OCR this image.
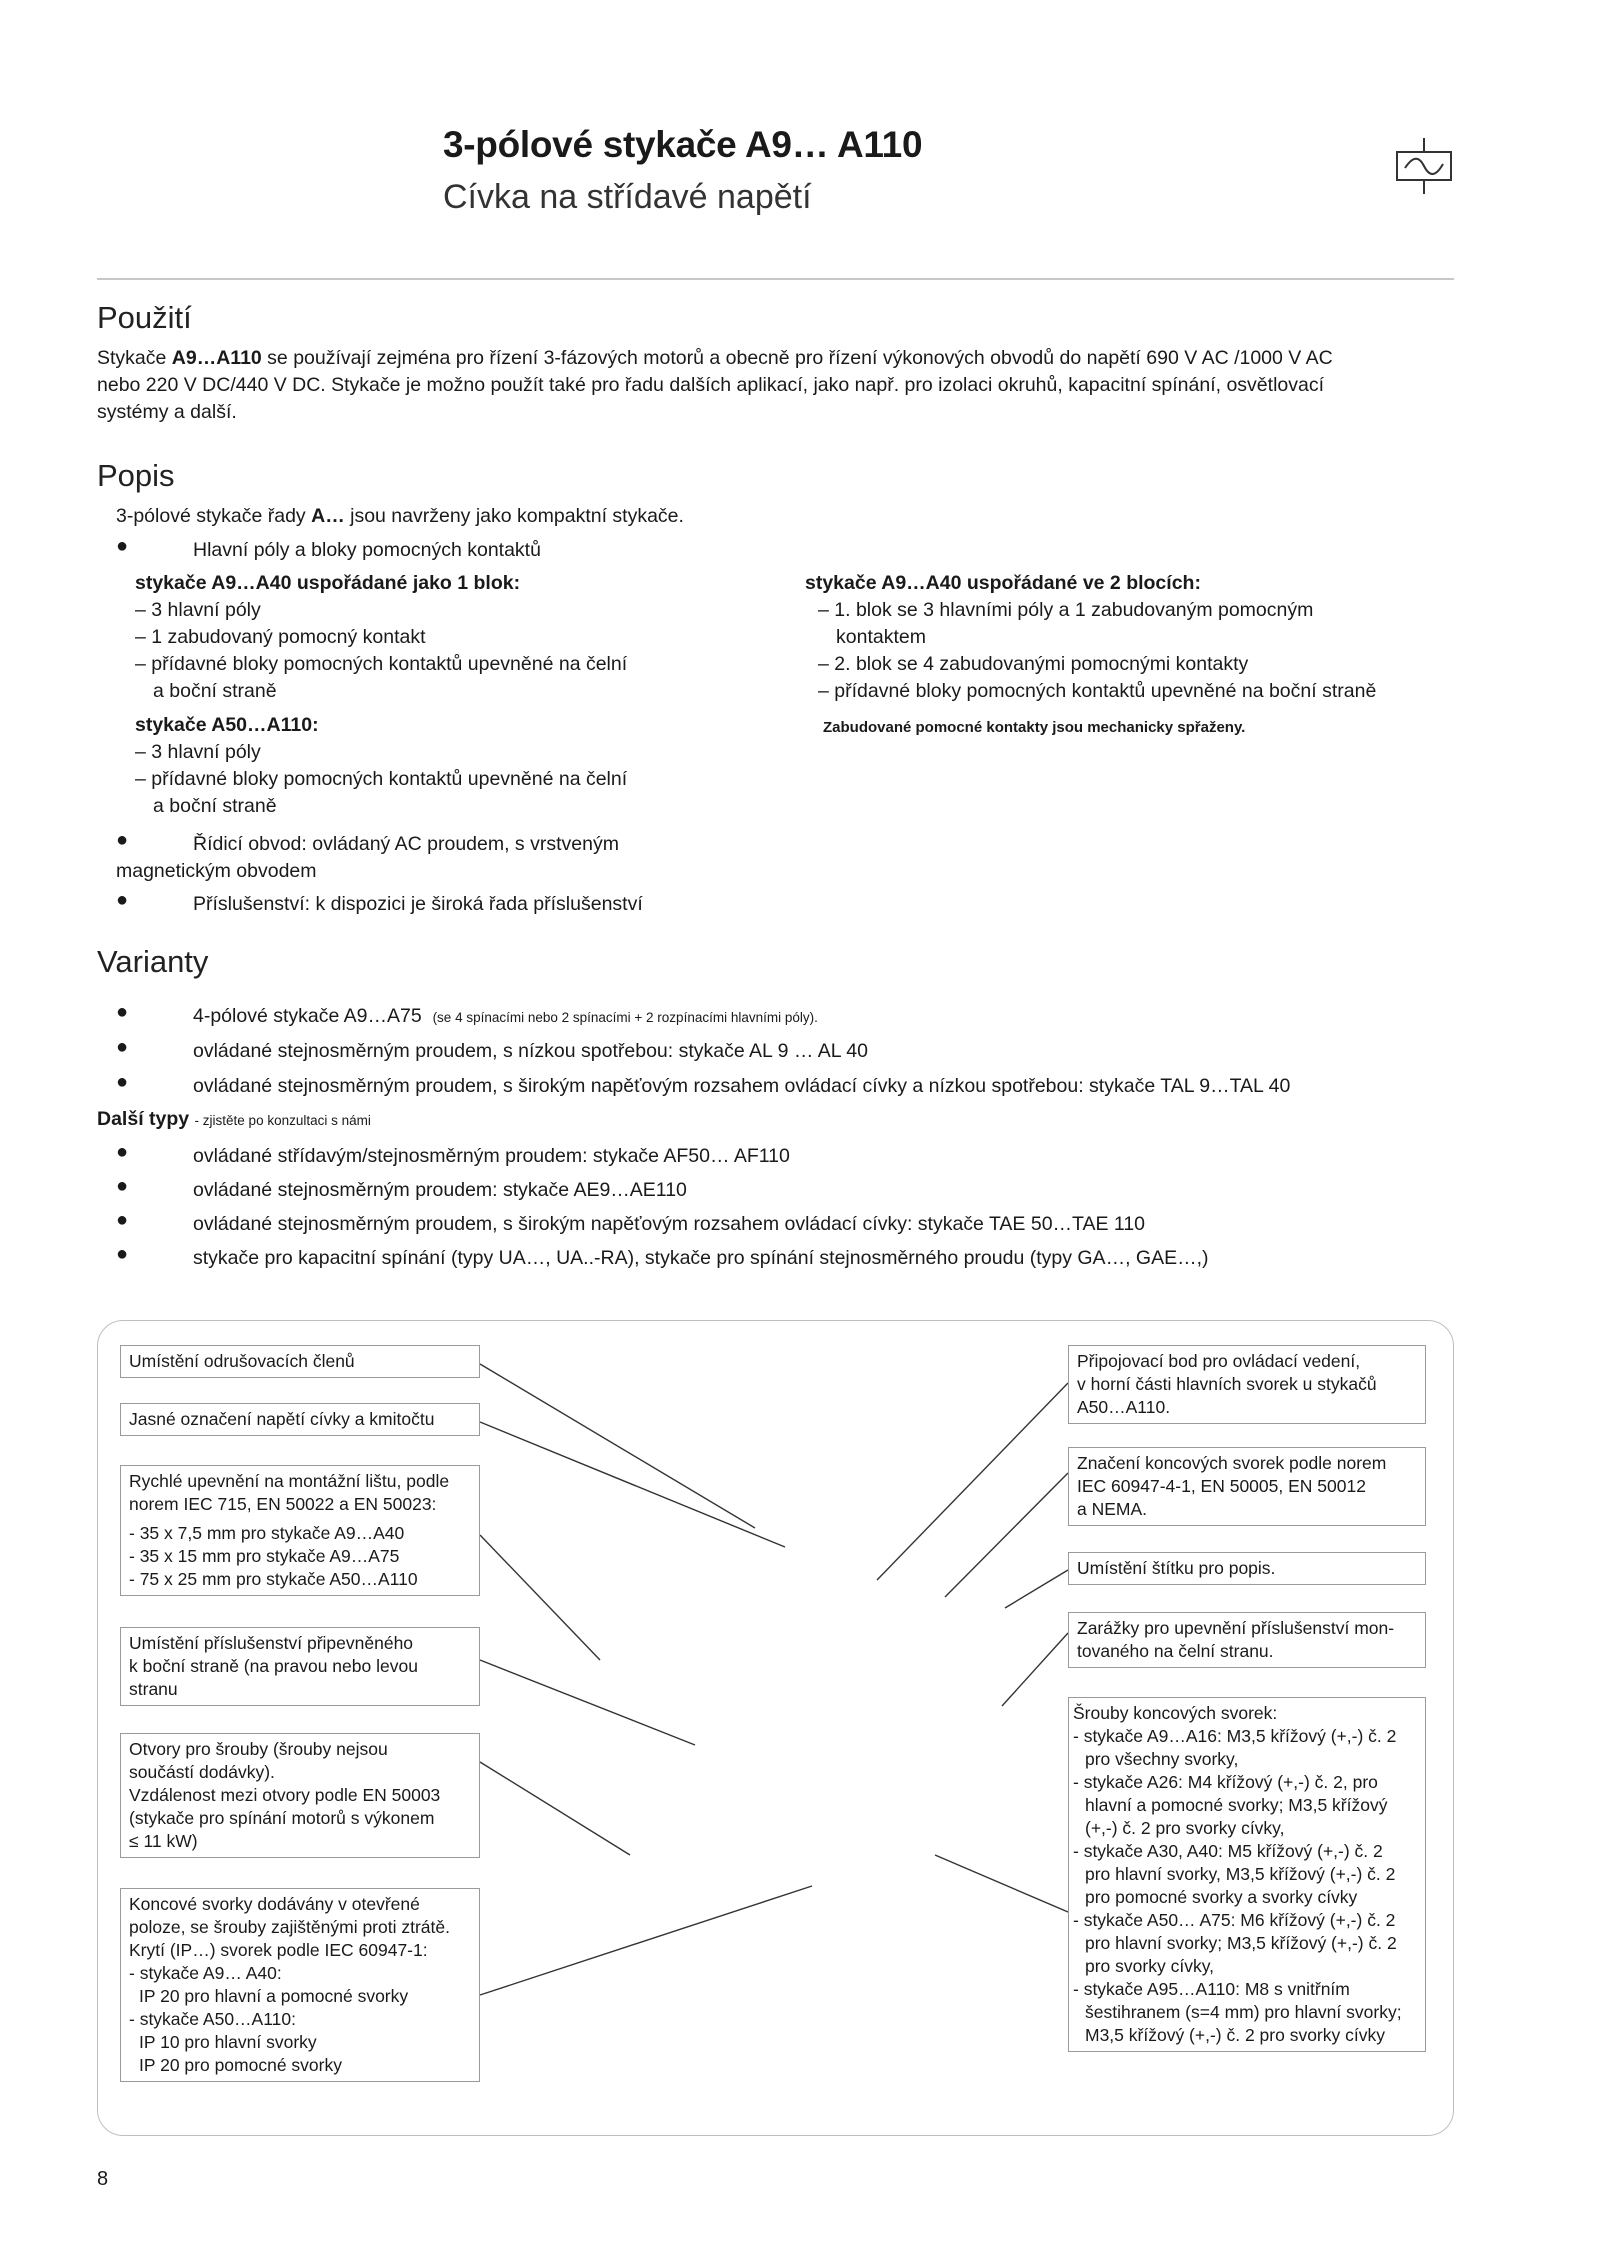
3-pólové stykače A9… A110
Cívka na střídavé napětí
Použití
Stykače A9…A110 se používají zejména pro řízení 3-fázových motorů a obecně pro řízení výkonových obvodů do napětí 690 V AC /1000 V AC
nebo 220 V DC/440 V DC. Stykače je možno použít také pro řadu dalších aplikací, jako např. pro izolaci okruhů, kapacitní spínání, osvětlovací
systémy a další.
Popis
3-pólové stykače řady A… jsou navrženy jako kompaktní stykače.
●	Hlavní póly a bloky pomocných kontaktů
stykače A9…A40 uspořádané jako 1 blok:
– 3 hlavní póly
– 1 zabudovaný pomocný kontakt
– přídavné bloky pomocných kontaktů upevněné na čelní
a boční straně
stykače A50…A110:
– 3 hlavní póly
– přídavné bloky pomocných kontaktů upevněné na čelní
a boční straně
●	Řídicí obvod: ovládaný AC proudem, s vrstveným
magnetickým obvodem
●	Příslušenství: k dispozici je široká řada příslušenství
stykače A9…A40 uspořádané ve 2 blocích:
– 1. blok se 3 hlavními póly a 1 zabudovaným pomocným
kontaktem
– 2. blok se 4 zabudovanými pomocnými kontakty
– přídavné bloky pomocných kontaktů upevněné na boční straně
Zabudované pomocné kontakty jsou mechanicky spřaženy.
Varianty
●	4-pólové stykače A9…A75 (se 4 spínacími nebo 2 spínacími + 2 rozpínacími hlavními póly).
●	ovládané stejnosměrným proudem, s nízkou spotřebou: stykače AL 9 … AL 40
●	ovládané stejnosměrným proudem, s širokým napěťovým rozsahem ovládací cívky a nízkou spotřebou: stykače TAL 9…TAL 40
Další typy - zjistěte po konzultaci s námi
●	ovládané střídavým/stejnosměrným proudem: stykače AF50… AF110
●	ovládané stejnosměrným proudem: stykače AE9…AE110
●	ovládané stejnosměrným proudem, s širokým napěťovým rozsahem ovládací cívky: stykače TAE 50…TAE 110
●	stykače pro kapacitní spínání (typy UA…, UA..-RA), stykače pro spínání stejnosměrného proudu (typy GA…, GAE…,)
Umístění odrušovacích členů
Jasné označení napětí cívky a kmitočtu
Rychlé upevnění na montážní lištu, podle
norem IEC 715, EN 50022 a EN 50023:
- 35 x 7,5 mm pro stykače A9…A40
- 35 x 15 mm pro stykače A9…A75
- 75 x 25 mm pro stykače A50…A110
Umístění příslušenství připevněného
k boční straně (na pravou nebo levou
stranu
Otvory pro šrouby (šrouby nejsou
součástí dodávky).
Vzdálenost mezi otvory podle EN 50003
(stykače pro spínání motorů s výkonem
≤ 11 kW)
Koncové svorky dodávány v otevřené
poloze, se šrouby zajištěnými proti ztrátě.
Krytí (IP…) svorek podle IEC 60947-1:
- stykače A9… A40:
IP 20 pro hlavní a pomocné svorky
- stykače A50…A110:
IP 10 pro hlavní svorky
IP 20 pro pomocné svorky
Připojovací bod pro ovládací vedení,
v horní části hlavních svorek u stykačů
A50…A110.
Značení koncových svorek podle norem
IEC 60947-4-1, EN 50005, EN 50012
a NEMA.
Umístění štítku pro popis.
Zarážky pro upevnění příslušenství mon-
tovaného na čelní stranu.
Šrouby koncových svorek:
- stykače A9…A16: M3,5 křížový (+,-) č. 2
pro všechny svorky,
- stykače A26: M4 křížový (+,-) č. 2, pro
hlavní a pomocné svorky; M3,5 křížový
(+,-) č. 2 pro svorky cívky,
- stykače A30, A40: M5 křížový (+,-) č. 2
pro hlavní svorky, M3,5 křížový (+,-) č. 2
pro pomocné svorky a svorky cívky
- stykače A50… A75: M6 křížový (+,-) č. 2
pro hlavní svorky; M3,5 křížový (+,-) č. 2
pro svorky cívky,
- stykače A95…A110: M8 s vnitřním
šestihranem (s=4 mm) pro hlavní svorky;
M3,5 křížový (+,-) č. 2 pro svorky cívky
8
